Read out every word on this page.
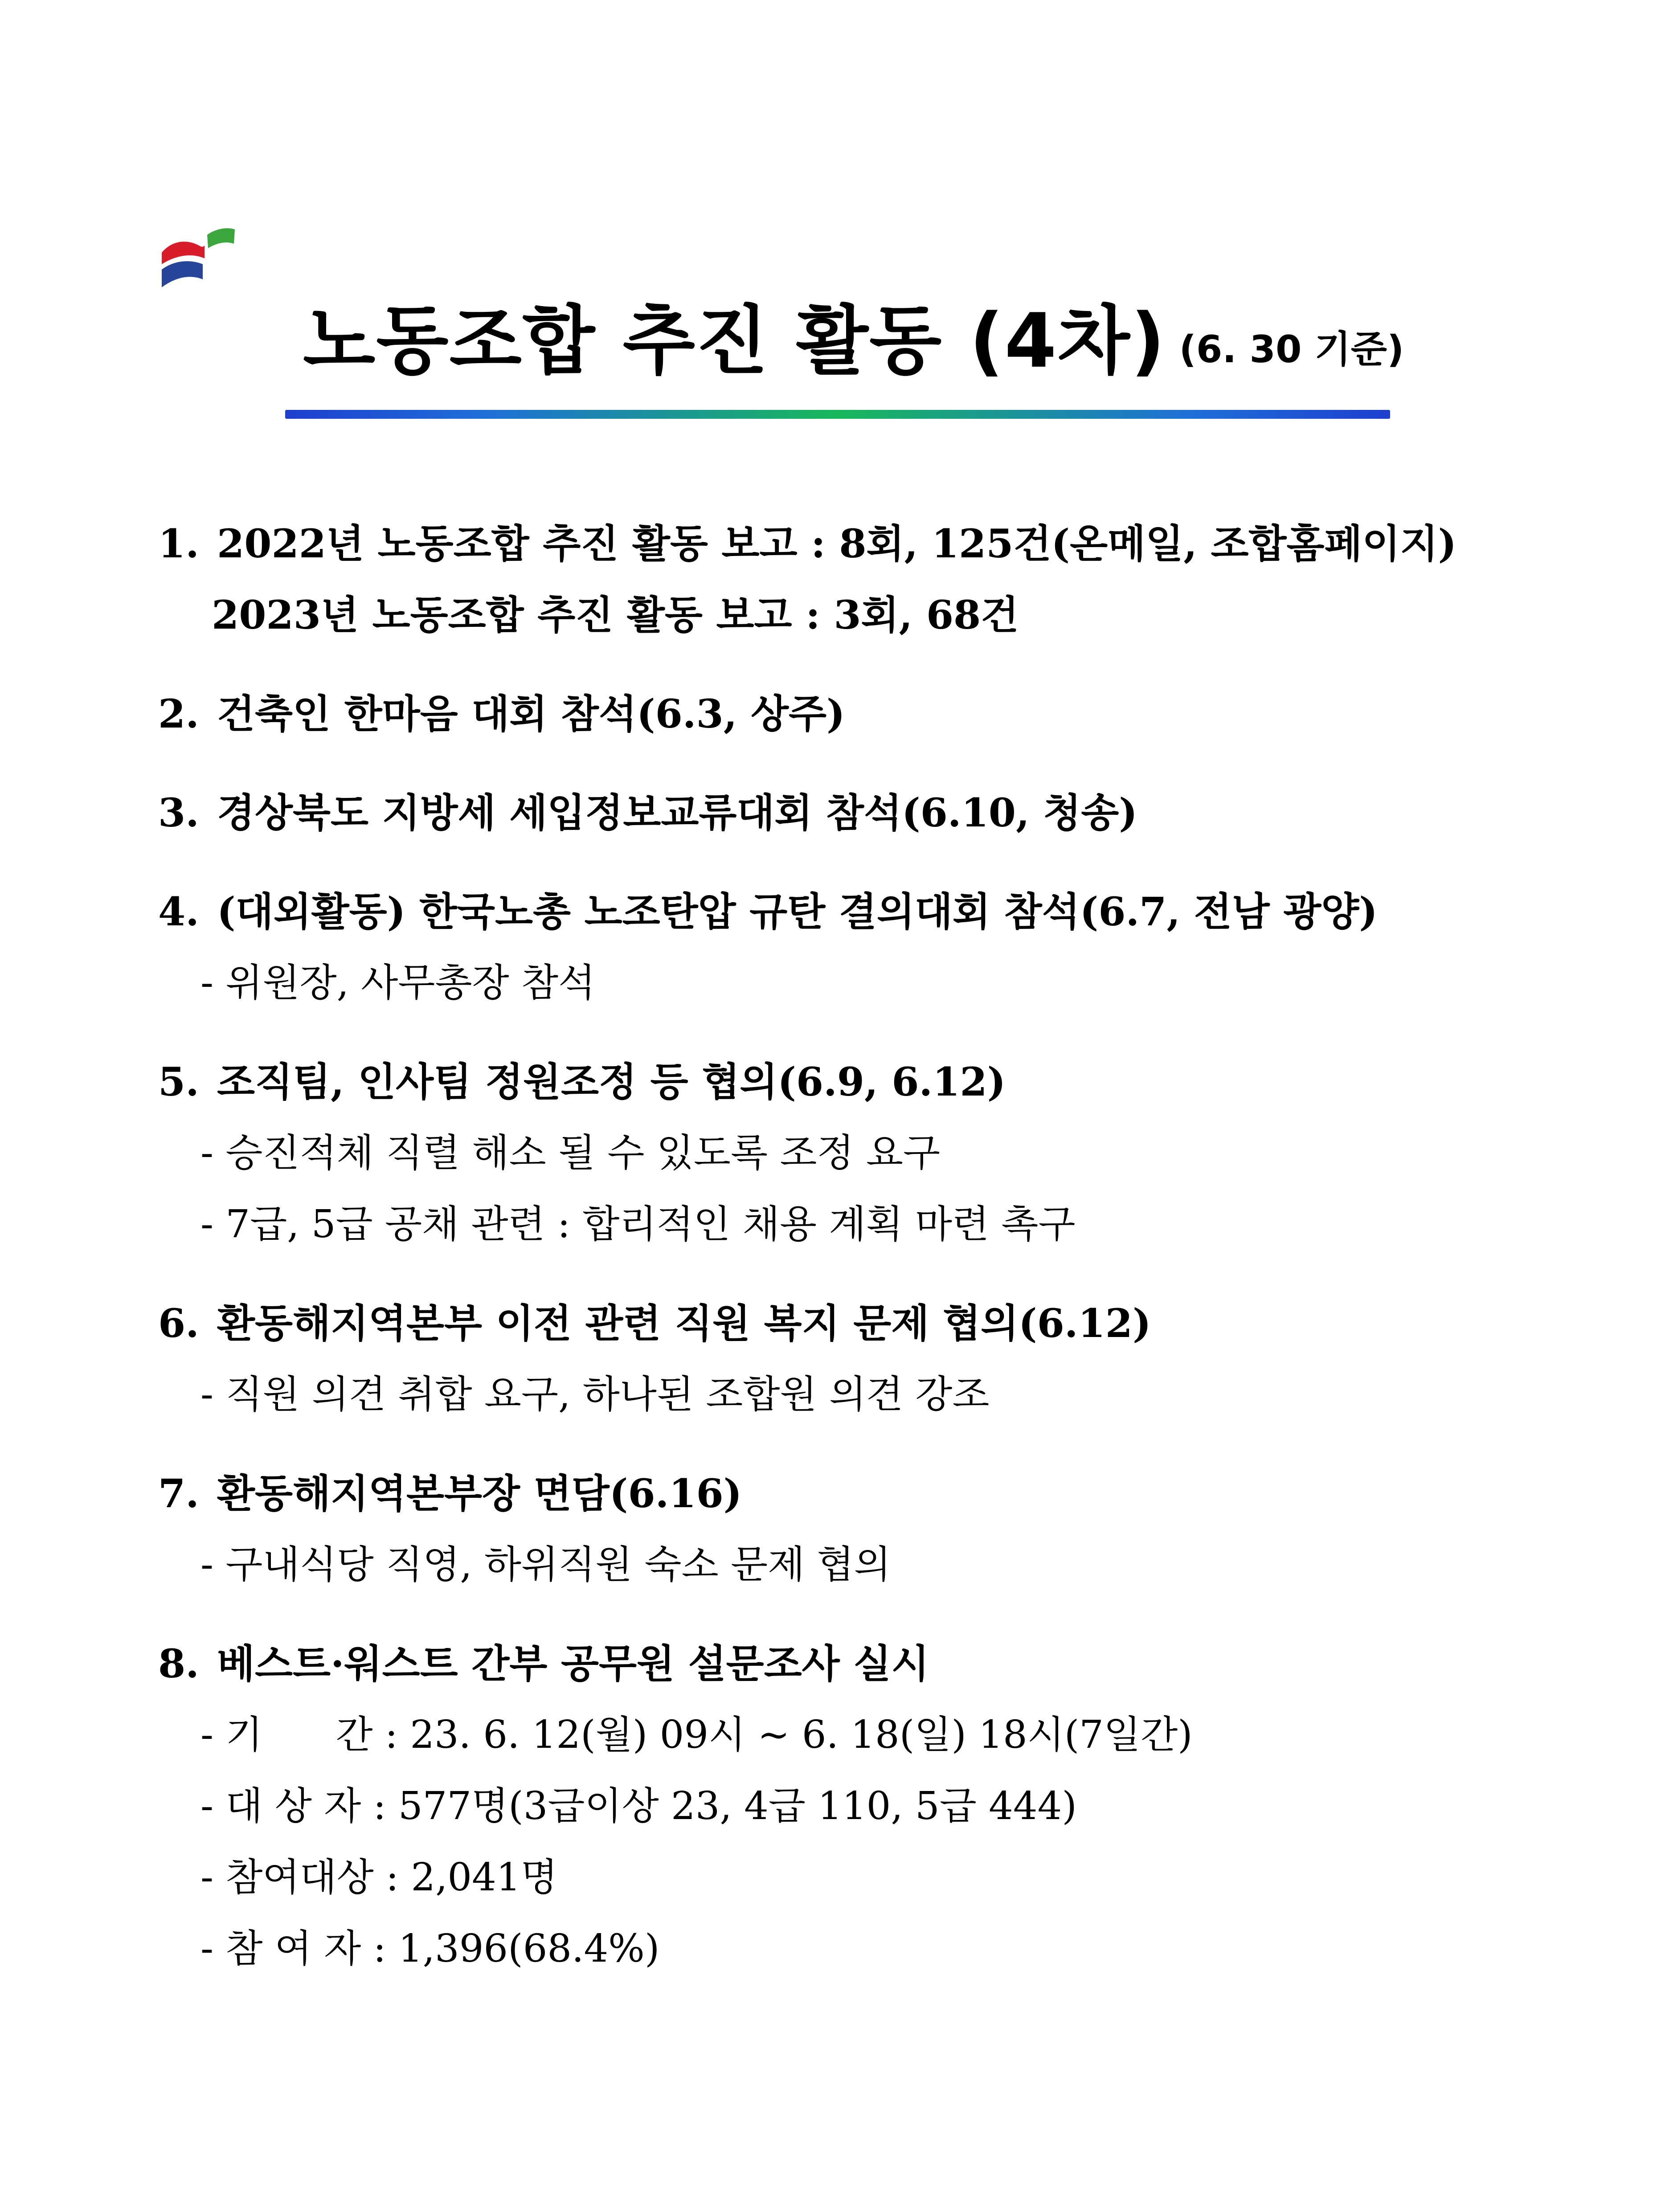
노동조합 추진 활동 (4차) (6. 30 기준)
1. 2022년 노동조합 추진 활동 보고 : 8회, 125건(온메일, 조합홈페이지)
2023년 노동조합 추진 활동 보고 : 3회, 68건
2. 건축인 한마음 대회 참석(6.3, 상주)
3. 경상북도 지방세 세입정보교류대회 참석(6.10, 청송)
4. (대외활동) 한국노총 노조탄압 규탄 결의대회 참석(6.7, 전남 광양)
- 위원장, 사무총장 참석
5. 조직팀, 인사팀 정원조정 등 협의(6.9, 6.12)
- 승진적체 직렬 해소 될 수 있도록 조정 요구
- 7급, 5급 공채 관련 : 합리적인 채용 계획 마련 촉구
6. 환동해지역본부 이전 관련 직원 복지 문제 협의(6.12)
- 직원 의견 취합 요구, 하나된 조합원 의견 강조
7. 환동해지역본부장 면담(6.16)
- 구내식당 직영, 하위직원 숙소 문제 협의
8. 베스트·워스트 간부 공무원 설문조사 실시
- 기      간 : 23. 6. 12(월) 09시 ~ 6. 18(일) 18시(7일간)
- 대 상 자 : 577명(3급이상 23, 4급 110, 5급 444)
- 참여대상 : 2,041명
- 참 여 자 : 1,396(68.4%)
